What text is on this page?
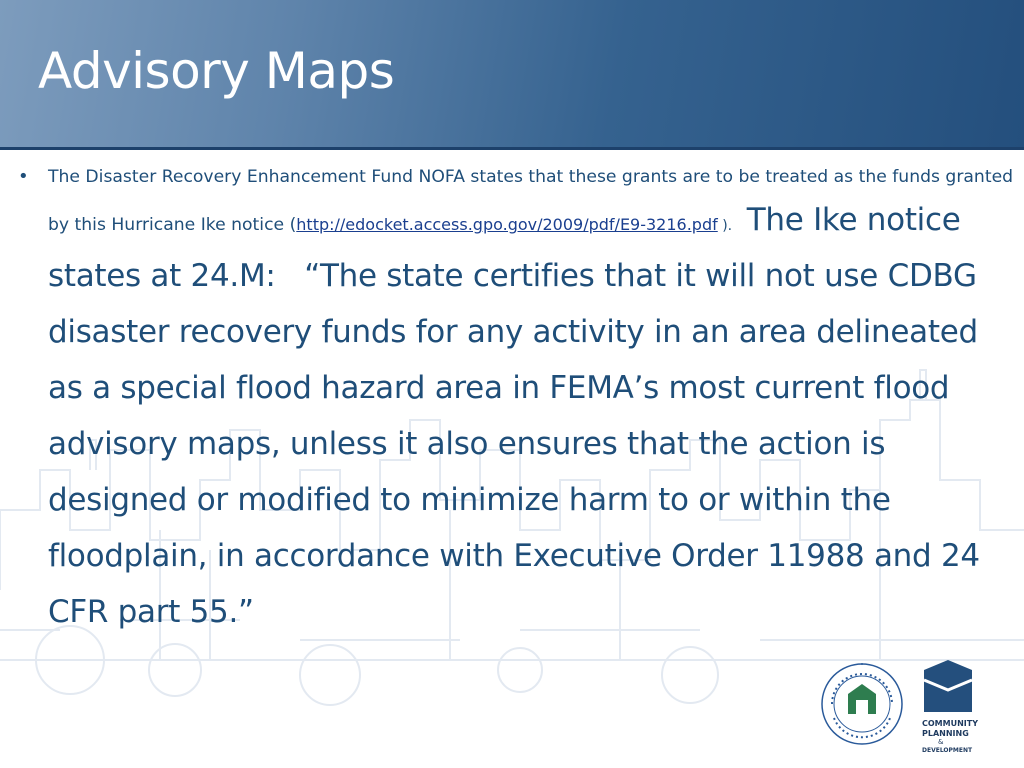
Advisory Maps
•	The Disaster Recovery Enhancement Fund NOFA states that these grants are to be treated as the funds granted by this Hurricane Ike notice (http://edocket.access.gpo.gov/2009/pdf/E9-3216.pdf ). The Ike notice states at 24.M: “The state certifies that it will not use CDBG disaster recovery funds for any activity in an area delineated as a special flood hazard area in FEMA’s most current flood advisory maps, unless it also ensures that the action is designed or modified to minimize harm to or within the floodplain, in accordance with Executive Order 11988 and 24 CFR part 55.”
COMMUNITY
PLANNING
&
DEVELOPMENT
